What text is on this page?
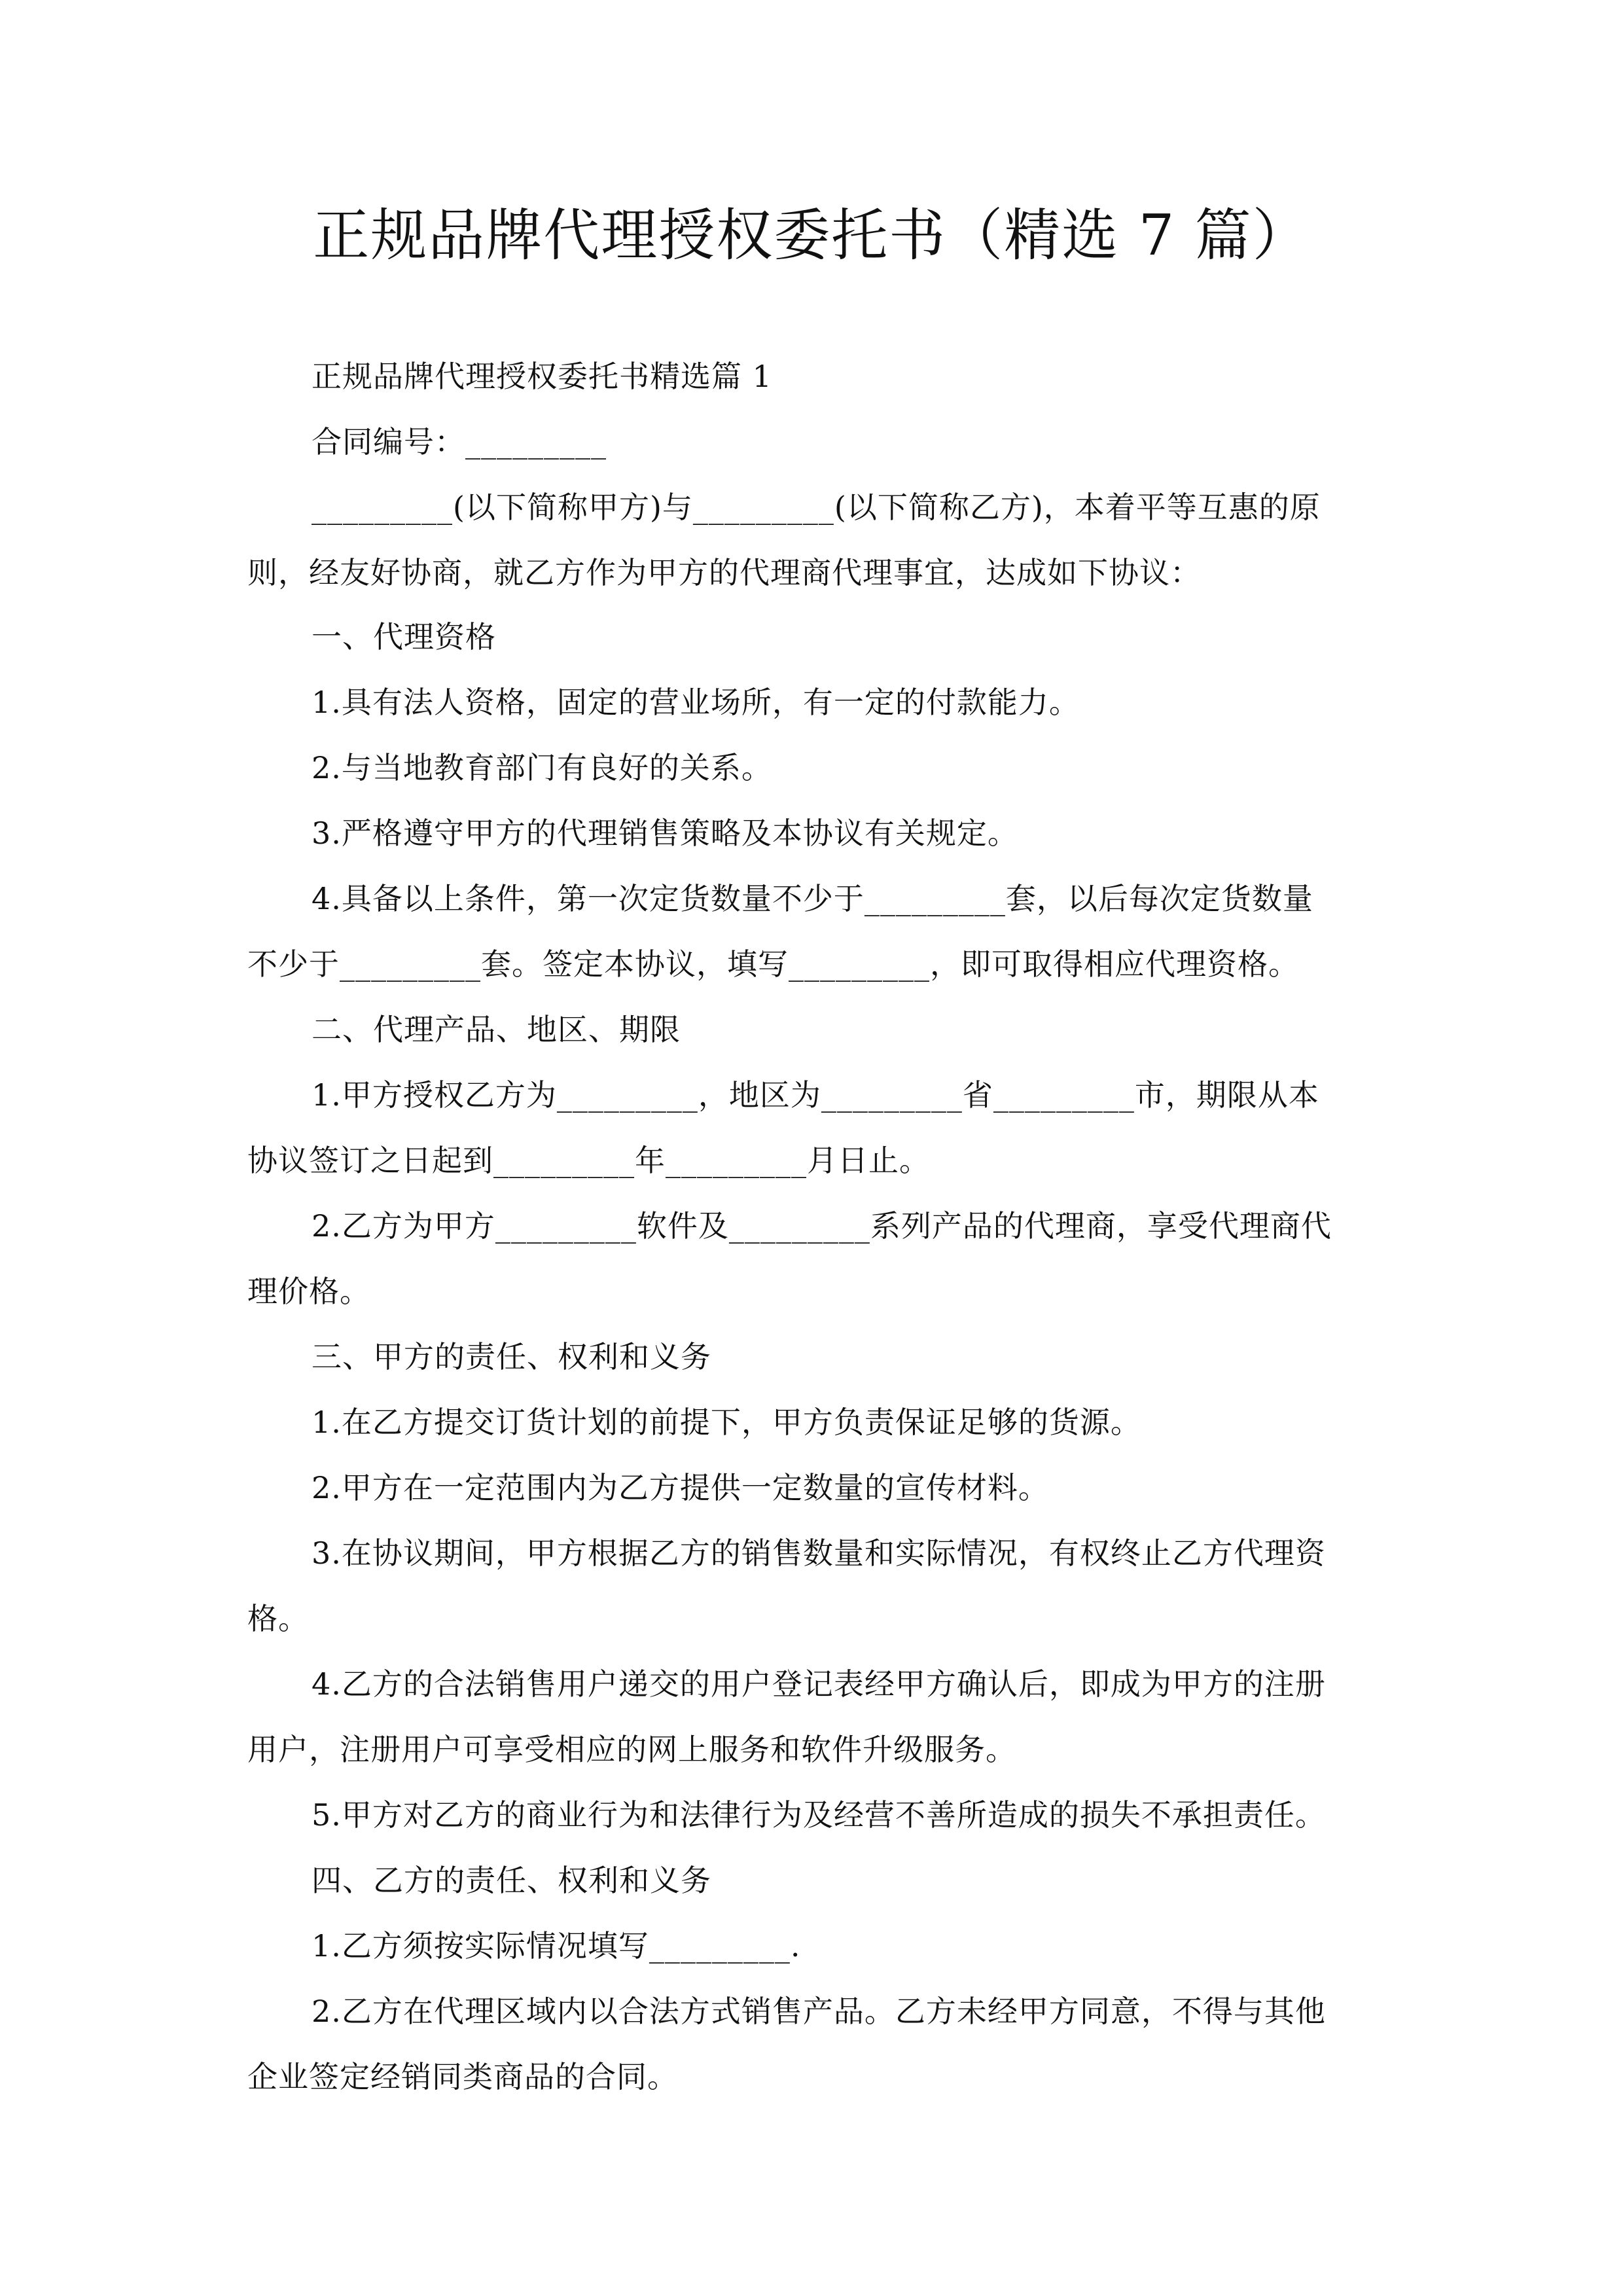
正规品牌代理授权委托书（精选 7 篇）
正规品牌代理授权委托书精选篇 1
合同编号：_________
_________(以下简称甲方)与_________(以下简称乙方)，本着平等互惠的原
则，经友好协商，就乙方作为甲方的代理商代理事宜，达成如下协议：
一、代理资格
1.具有法人资格，固定的营业场所，有一定的付款能力。
2.与当地教育部门有良好的关系。
3.严格遵守甲方的代理销售策略及本协议有关规定。
4.具备以上条件，第一次定货数量不少于_________套，以后每次定货数量
不少于_________套。签定本协议，填写_________，即可取得相应代理资格。
二、代理产品、地区、期限
1.甲方授权乙方为_________，地区为_________省_________市，期限从本
协议签订之日起到_________年_________月日止。
2.乙方为甲方_________软件及_________系列产品的代理商，享受代理商代
理价格。
三、甲方的责任、权利和义务
1.在乙方提交订货计划的前提下，甲方负责保证足够的货源。
2.甲方在一定范围内为乙方提供一定数量的宣传材料。
3.在协议期间，甲方根据乙方的销售数量和实际情况，有权终止乙方代理资
格。
4.乙方的合法销售用户递交的用户登记表经甲方确认后，即成为甲方的注册
用户，注册用户可享受相应的网上服务和软件升级服务。
5.甲方对乙方的商业行为和法律行为及经营不善所造成的损失不承担责任。
四、乙方的责任、权利和义务
1.乙方须按实际情况填写_________.
2.乙方在代理区域内以合法方式销售产品。乙方未经甲方同意，不得与其他
企业签定经销同类商品的合同。
